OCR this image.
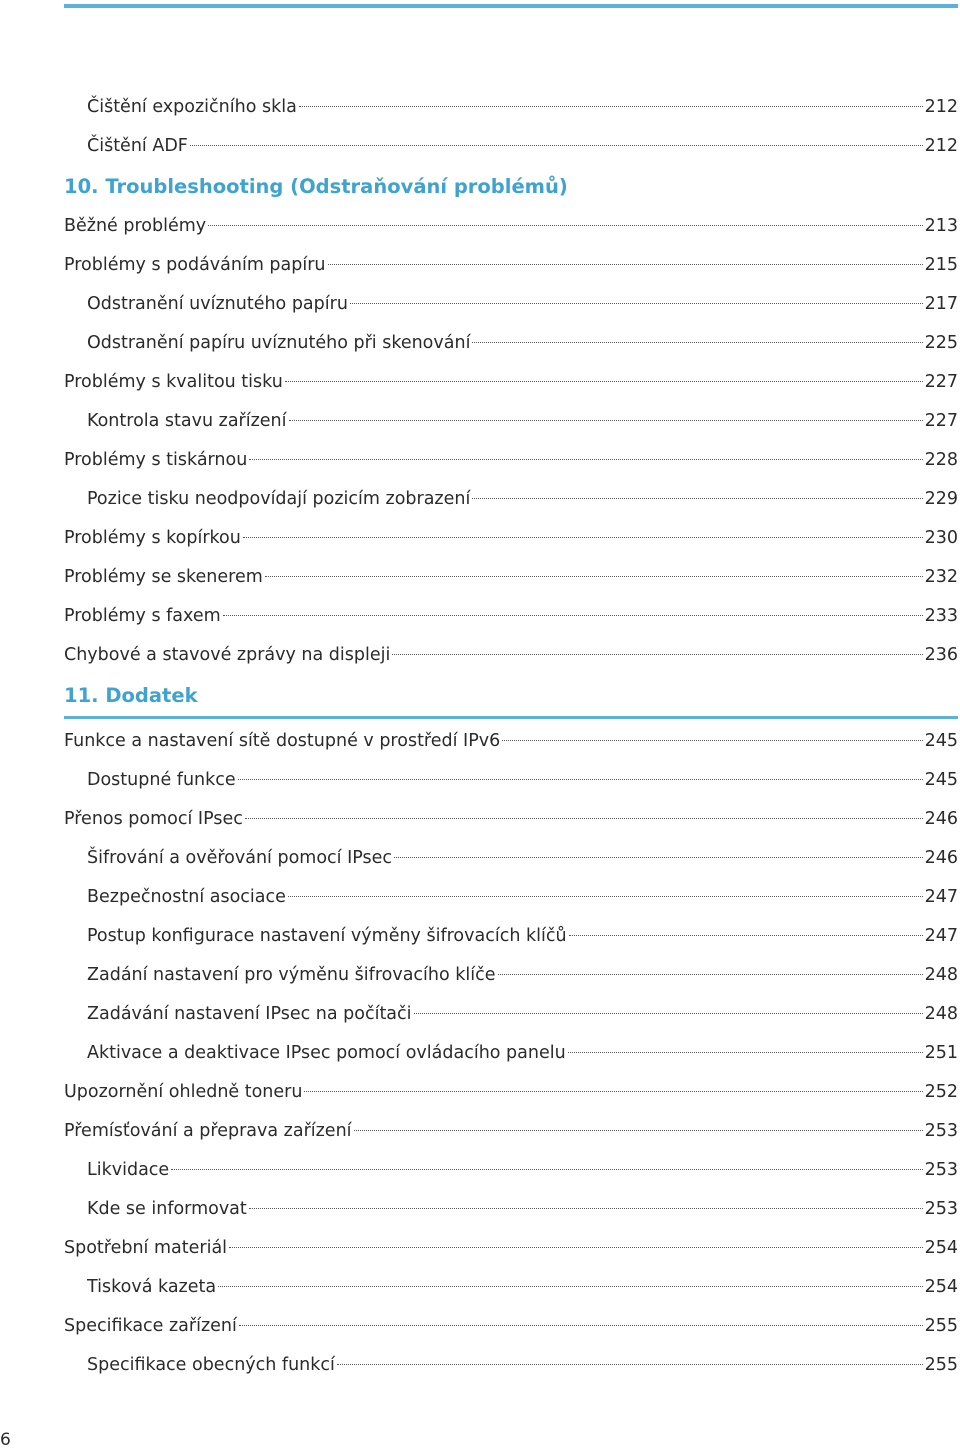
Čištění expozičního skla	212
Čištění ADF	212
10. Troubleshooting (Odstraňování problémů)
Běžné problémy	213
Problémy s podáváním papíru	215
Odstranění uvíznutého papíru	217
Odstranění papíru uvíznutého při skenování	225
Problémy s kvalitou tisku	227
Kontrola stavu zařízení	227
Problémy s tiskárnou	228
Pozice tisku neodpovídají pozicím zobrazení	229
Problémy s kopírkou	230
Problémy se skenerem	232
Problémy s faxem	233
Chybové a stavové zprávy na displeji	236
11. Dodatek
Funkce a nastavení sítě dostupné v prostředí IPv6	245
Dostupné funkce	245
Přenos pomocí IPsec	246
Šifrování a ověřování pomocí IPsec	246
Bezpečnostní asociace	247
Postup konfigurace nastavení výměny šifrovacích klíčů	247
Zadání nastavení pro výměnu šifrovacího klíče	248
Zadávání nastavení IPsec na počítači	248
Aktivace a deaktivace IPsec pomocí ovládacího panelu	251
Upozornění ohledně toneru	252
Přemísťování a přeprava zařízení	253
Likvidace	253
Kde se informovat	253
Spotřební materiál	254
Tisková kazeta	254
Specifikace zařízení	255
Specifikace obecných funkcí	255
6
